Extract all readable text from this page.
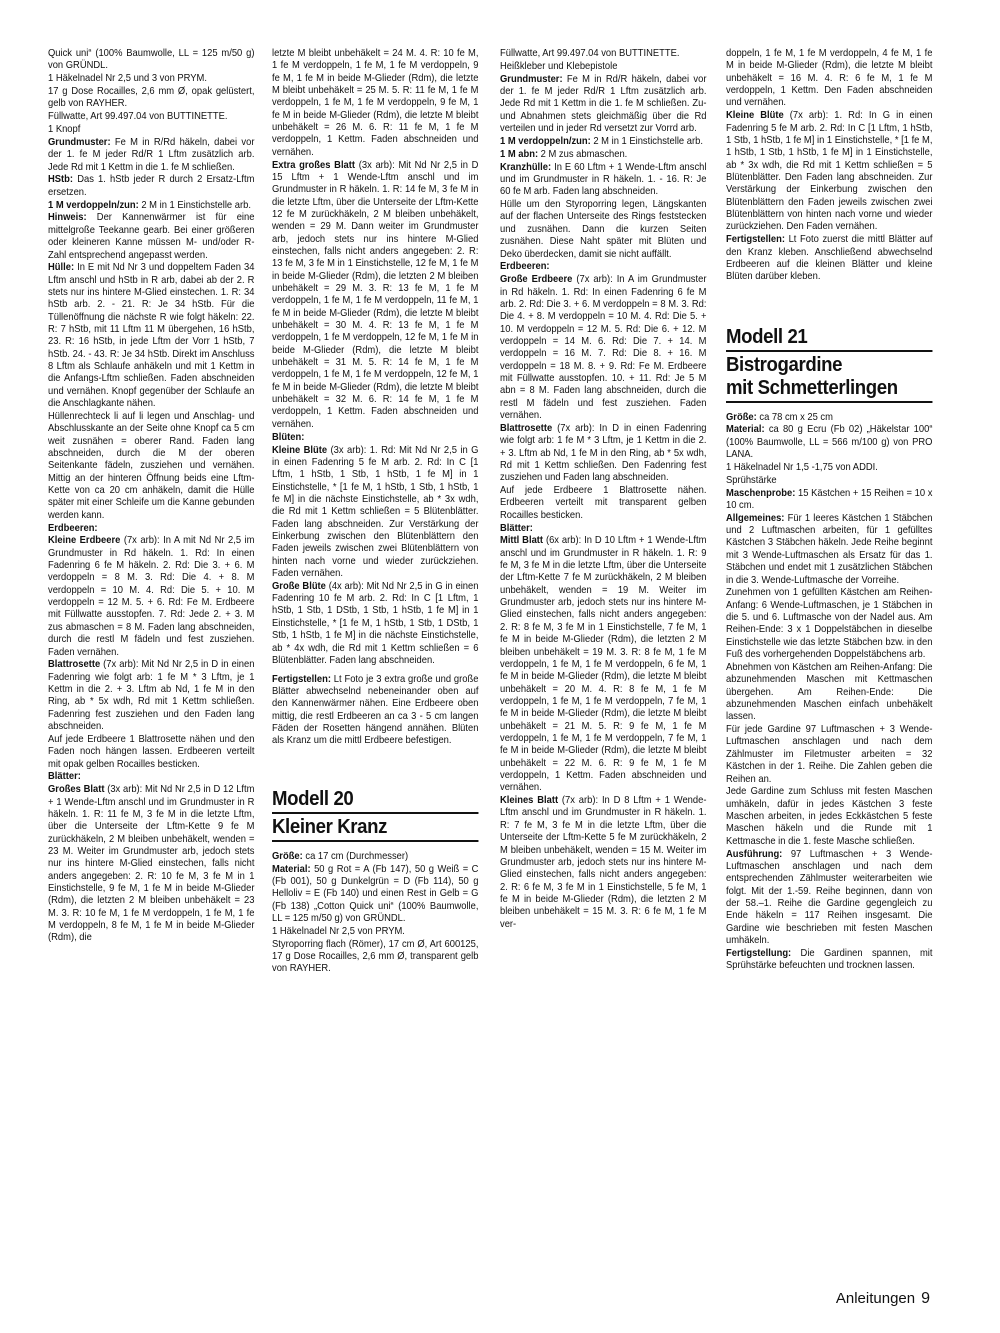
Quick uni“ (100% Baumwolle, LL = 125 m/50 g) von GRÜNDL.

1 Häkelnadel Nr 2,5 und 3 von PRYM.

17 g Dose Rocailles, 2,6 mm Ø, opak gelüstert, gelb von RAYHER.

Füllwatte, Art 99.497.04 von BUTTINETTE.

1 Knopf

Grundmuster: Fe M in R/Rd häkeln, dabei vor der 1. fe M jeder Rd/R 1 Lftm zusätzlich arb. Jede Rd mit 1 Kettm in die 1. fe M schließen.

HStb: Das 1. hStb jeder R durch 2 Ersatz-Lftm ersetzen.

1 M verdoppeln/zun: 2 M in 1 Einstichstelle arb.

Hinweis: Der Kannenwärmer ist für eine mittelgroße Teekanne gearb. Bei einer größeren oder kleineren Kanne müssen M- und/oder R-Zahl entsprechend angepasst werden.

Hülle: In E mit Nd Nr 3 und doppeltem Faden 34 Lftm anschl und hStb in R arb, dabei ab der 2. R stets nur ins hintere M-Glied einstechen. 1. R: 34 hStb arb. 2. - 21. R: Je 34 hStb. Für die Tüllenöffnung die nächste R wie folgt häkeln: 22. R: 7 hStb, mit 11 Lftm 11 M übergehen, 16 hStb, 23. R: 16 hStb, in jede Lftm der Vorr 1 hStb, 7 hStb. 24. - 43. R: Je 34 hStb. Direkt im Anschluss 8 Lftm als Schlaufe anhäkeln und mit 1 Kettm in die Anfangs-Lftm schließen. Faden abschneiden und vernähen. Knopf gegenüber der Schlaufe an die Anschlagkante nähen.

Hüllenrechteck li auf li legen und Anschlag- und Abschlusskante an der Seite ohne Knopf ca 5 cm weit zusnähen = oberer Rand. Faden lang abschneiden, durch die M der oberen Seitenkante fädeln, zusziehen und vernähen. Mittig an der hinteren Öffnung beids eine Lftm-Kette von ca 20 cm anhäkeln, damit die Hülle später mit einer Schleife um die Kanne gebunden werden kann.

Erdbeeren:

Kleine Erdbeere (7x arb): In A mit Nd Nr 2,5 im Grundmuster in Rd häkeln. 1. Rd: In einen Fadenring 6 fe M häkeln. 2. Rd: Die 3. + 6. M verdoppeln = 8 M. 3. Rd: Die 4. + 8. M verdoppeln = 10 M. 4. Rd: Die 5. + 10. M verdoppeln = 12 M. 5. + 6. Rd: Fe M. Erdbeere mit Füllwatte ausstopfen. 7. Rd: Jede 2. + 3. M zus abmaschen = 8 M. Faden lang abschneiden, durch die restl M fädeln und fest zusziehen. Faden vernähen.

Blattrosette (7x arb): Mit Nd Nr 2,5 in D in einen Fadenring wie folgt arb: 1 fe M * 3 Lftm, je 1 Kettm in die 2. + 3. Lftm ab Nd, 1 fe M in den Ring, ab * 5x wdh, Rd mit 1 Kettm schließen. Fadenring fest zusziehen und den Faden lang abschneiden.

Auf jede Erdbeere 1 Blattrosette nähen und den Faden noch hängen lassen. Erdbeeren verteilt mit opak gelben Rocailles besticken.

Blätter:

Großes Blatt (3x arb): Mit Nd Nr 2,5 in D 12 Lftm + 1 Wende-Lftm anschl und im Grundmuster in R häkeln. 1. R: 11 fe M, 3 fe M in die letzte Lftm, über die Unterseite der Lftm-Kette 9 fe M zurückhäkeln, 2 M bleiben unbehäkelt, wenden = 23 M. Weiter im Grundmuster arb, jedoch stets nur ins hintere M-Glied einstechen, falls nicht anders angegeben: 2. R: 10 fe M, 3 fe M in 1 Einstichstelle, 9 fe M, 1 fe M in beide M-Glieder (Rdm), die letzten 2 M bleiben unbehäkelt = 23 M. 3. R: 10 fe M, 1 fe M verdoppeln, 1 fe M, 1 fe M verdoppeln, 8 fe M, 1 fe M in beide M-Glieder (Rdm), die

letzte M bleibt unbehäkelt = 24 M. 4. R: 10 fe M, 1 fe M verdoppeln, 1 fe M, 1 fe M verdoppeln, 9 fe M, 1 fe M in beide M-Glieder (Rdm), die letzte M bleibt unbehäkelt = 25 M. 5. R: 11 fe M, 1 fe M verdoppeln, 1 fe M, 1 fe M verdoppeln, 9 fe M, 1 fe M in beide M-Glieder (Rdm), die letzte M bleibt unbehäkelt = 26 M. 6. R: 11 fe M, 1 fe M verdoppeln, 1 Kettm. Faden abschneiden und vernähen.

Extra großes Blatt (3x arb): Mit Nd Nr 2,5 in D 15 Lftm + 1 Wende-Lftm anschl und im Grundmuster in R häkeln. 1. R: 14 fe M, 3 fe M in die letzte Lftm, über die Unterseite der Lftm-Kette 12 fe M zurückhäkeln, 2 M bleiben unbehäkelt, wenden = 29 M. Dann weiter im Grundmuster arb, jedoch stets nur ins hintere M-Glied einstechen, falls nicht anders angegeben: 2. R: 13 fe M, 3 fe M in 1 Einstichstelle, 12 fe M, 1 fe M in beide M-Glieder (Rdm), die letzten 2 M bleiben unbehäkelt = 29 M. 3. R: 13 fe M, 1 fe M verdoppeln, 1 fe M, 1 fe M verdoppeln, 11 fe M, 1 fe M in beide M-Glieder (Rdm), die letzte M bleibt unbehäkelt = 30 M. 4. R: 13 fe M, 1 fe M verdoppeln, 1 fe M verdoppeln, 12 fe M, 1 fe M in beide M-Glieder (Rdm), die letzte M bleibt unbehäkelt = 31 M. 5. R: 14 fe M, 1 fe M verdoppeln, 1 fe M, 1 fe M verdoppeln, 12 fe M, 1 fe M in beide M-Glieder (Rdm), die letzte M bleibt unbehäkelt = 32 M. 6. R: 14 fe M, 1 fe M verdoppeln, 1 Kettm. Faden abschneiden und vernähen.

Blüten:

Kleine Blüte (3x arb): 1. Rd: Mit Nd Nr 2,5 in G in einen Fadenring 5 fe M arb. 2. Rd: In C [1 Lftm, 1 hStb, 1 Stb, 1 hStb, 1 fe M] in 1 Einstichstelle, * [1 fe M, 1 hStb, 1 Stb, 1 hStb, 1 fe M] in die nächste Einstichstelle, ab * 3x wdh, die Rd mit 1 Kettm schließen = 5 Blütenblätter. Faden lang abschneiden. Zur Verstärkung der Einkerbung zwischen den Blütenblättern den Faden jeweils zwischen zwei Blütenblättern von hinten nach vorne und wieder zurückziehen. Faden vernähen.

Große Blüte (4x arb): Mit Nd Nr 2,5 in G in einen Fadenring 10 fe M arb. 2. Rd: In C [1 Lftm, 1 hStb, 1 Stb, 1 DStb, 1 Stb, 1 hStb, 1 fe M] in 1 Einstichstelle, * [1 fe M, 1 hStb, 1 Stb, 1 DStb, 1 Stb, 1 hStb, 1 fe M] in die nächste Einstichstelle, ab * 4x wdh, die Rd mit 1 Kettm schließen = 6 Blütenblätter. Faden lang abschneiden.

Fertigstellen: Lt Foto je 3 extra große und große Blätter abwechselnd nebeneinander oben auf den Kannenwärmer nähen. Eine Erdbeere oben mittig, die restl Erdbeeren an ca 3 - 5 cm langen Fäden der Rosetten hängend annähen. Blüten als Kranz um die mittl Erdbeere befestigen.

Modell 20
Kleiner Kranz

Größe: ca 17 cm (Durchmesser)

Material: 50 g Rot = A (Fb 147), 50 g Weiß = C (Fb 001), 50 g Dunkelgrün = D (Fb 114), 50 g Helloliv = E (Fb 140) und einen Rest in Gelb = G (Fb 138) „Cotton Quick uni“ (100% Baumwolle, LL = 125 m/50 g) von GRÜNDL.

1 Häkelnadel Nr 2,5 von PRYM.

Styroporring flach (Römer), 17 cm Ø, Art 600125, 17 g Dose Rocailles, 2,6 mm Ø, transparent gelb von RAYHER.

Füllwatte, Art 99.497.04 von BUTTINETTE.

Heißkleber und Klebepistole

Grundmuster: Fe M in Rd/R häkeln, dabei vor der 1. fe M jeder Rd/R 1 Lftm zusätzlich arb. Jede Rd mit 1 Kettm in die 1. fe M schließen. Zu- und Abnahmen stets gleichmäßig über die Rd verteilen und in jeder Rd versetzt zur Vorrd arb.

1 M verdoppeln/zun: 2 M in 1 Einstichstelle arb.

1 M abn: 2 M zus abmaschen.

Kranzhülle: In E 60 Lftm + 1 Wende-Lftm anschl und im Grundmuster in R häkeln. 1. - 16. R: Je 60 fe M arb. Faden lang abschneiden.

Hülle um den Styroporring legen, Längskanten auf der flachen Unterseite des Rings feststecken und zusnähen. Dann die kurzen Seiten zusnähen. Diese Naht später mit Blüten und Deko überdecken, damit sie nicht auffällt.

Erdbeeren:

Große Erdbeere (7x arb): In A im Grundmuster in Rd häkeln. 1. Rd: In einen Fadenring 6 fe M arb. 2. Rd: Die 3. + 6. M verdoppeln = 8 M. 3. Rd: Die 4. + 8. M verdoppeln = 10 M. 4. Rd: Die 5. + 10. M verdoppeln = 12 M. 5. Rd: Die 6. + 12. M verdoppeln = 14 M. 6. Rd: Die 7. + 14. M verdoppeln = 16 M. 7. Rd: Die 8. + 16. M verdoppeln = 18 M. 8. + 9. Rd: Fe M. Erdbeere mit Füllwatte ausstopfen. 10. + 11. Rd: Je 5 M abn = 8 M. Faden lang abschneiden, durch die restl M fädeln und fest zusziehen. Faden vernähen.

Blattrosette (7x arb): In D in einen Fadenring wie folgt arb: 1 fe M * 3 Lftm, je 1 Kettm in die 2. + 3. Lftm ab Nd, 1 fe M in den Ring, ab * 5x wdh, Rd mit 1 Kettm schließen. Den Fadenring fest zusziehen und Faden lang abschneiden.

Auf jede Erdbeere 1 Blattrosette nähen. Erdbeeren verteilt mit transparent gelben Rocailles besticken.

Blätter:

Mittl Blatt (6x arb): In D 10 Lftm + 1 Wende-Lftm anschl und im Grundmuster in R häkeln. 1. R: 9 fe M, 3 fe M in die letzte Lftm, über die Unterseite der Lftm-Kette 7 fe M zurückhäkeln, 2 M bleiben unbehäkelt, wenden = 19 M. Weiter im Grundmuster arb, jedoch stets nur ins hintere M-Glied einstechen, falls nicht anders angegeben: 2. R: 8 fe M, 3 fe M in 1 Einstichstelle, 7 fe M, 1 fe M in beide M-Glieder (Rdm), die letzten 2 M bleiben unbehäkelt = 19 M. 3. R: 8 fe M, 1 fe M verdoppeln, 1 fe M, 1 fe M verdoppeln, 6 fe M, 1 fe M in beide M-Glieder (Rdm), die letzte M bleibt unbehäkelt = 20 M. 4. R: 8 fe M, 1 fe M verdoppeln, 1 fe M, 1 fe M verdoppeln, 7 fe M, 1 fe M in beide M-Glieder (Rdm), die letzte M bleibt unbehäkelt = 21 M. 5. R: 9 fe M, 1 fe M verdoppeln, 1 fe M, 1 fe M verdoppeln, 7 fe M, 1 fe M in beide M-Glieder (Rdm), die letzte M bleibt unbehäkelt = 22 M. 6. R: 9 fe M, 1 fe M verdoppeln, 1 Kettm. Faden abschneiden und vernähen.

Kleines Blatt (7x arb): In D 8 Lftm + 1 Wende-Lftm anschl und im Grundmuster in R häkeln. 1. R: 7 fe M, 3 fe M in die letzte Lftm, über die Unterseite der Lftm-Kette 5 fe M zurückhäkeln, 2 M bleiben unbehäkelt, wenden = 15 M. Weiter im Grundmuster arb, jedoch stets nur ins hintere M-Glied einstechen, falls nicht anders angegeben: 2. R: 6 fe M, 3 fe M in 1 Einstichstelle, 5 fe M, 1 fe M in beide M-Glieder (Rdm), die letzten 2 M bleiben unbehäkelt = 15 M. 3. R: 6 fe M, 1 fe M ver-

doppeln, 1 fe M, 1 fe M verdoppeln, 4 fe M, 1 fe M in beide M-Glieder (Rdm), die letzte M bleibt unbehäkelt = 16 M. 4. R: 6 fe M, 1 fe M verdoppeln, 1 Kettm. Den Faden abschneiden und vernähen.

Kleine Blüte (7x arb): 1. Rd: In G in einen Fadenring 5 fe M arb. 2. Rd: In C [1 Lftm, 1 hStb, 1 Stb, 1 hStb, 1 fe M] in 1 Einstichstelle, * [1 fe M, 1 hStb, 1 Stb, 1 hStb, 1 fe M] in 1 Einstichstelle, ab * 3x wdh, die Rd mit 1 Kettm schließen = 5 Blütenblätter. Den Faden lang abschneiden. Zur Verstärkung der Einkerbung zwischen den Blütenblättern den Faden jeweils zwischen zwei Blütenblättern von hinten nach vorne und wieder zurückziehen. Den Faden vernähen.

Fertigstellen: Lt Foto zuerst die mittl Blätter auf den Kranz kleben. Anschließend abwechselnd Erdbeeren auf die kleinen Blätter und kleine Blüten darüber kleben.

Modell 21
Bistrogardine
mit Schmetterlingen

Größe: ca 78 cm x 25 cm

Material: ca 80 g Ecru (Fb 02) „Häkelstar 100“ (100% Baumwolle, LL = 566 m/100 g) von PRO LANA.

1 Häkelnadel Nr 1,5 -1,75 von ADDI.

Sprühstärke

Maschenprobe: 15 Kästchen + 15 Reihen = 10 x 10 cm.

Allgemeines: Für 1 leeres Kästchen 1 Stäbchen und 2 Luftmaschen arbeiten, für 1 gefülltes Kästchen 3 Stäbchen häkeln. Jede Reihe beginnt mit 3 Wende-Luftmaschen als Ersatz für das 1. Stäbchen und endet mit 1 zusätzlichen Stäbchen in die 3. Wende-Luftmasche der Vorreihe.

Zunehmen von 1 gefüllten Kästchen am Reihen-Anfang: 6 Wende-Luftmaschen, je 1 Stäbchen in die 5. und 6. Luftmasche von der Nadel aus. Am Reihen-Ende: 3 x 1 Doppelstäbchen in dieselbe Einstichstelle wie das letzte Stäbchen bzw. in den Fuß des vorhergehenden Doppelstäbchens arb.

Abnehmen von Kästchen am Reihen-Anfang: Die abzunehmenden Maschen mit Kettmaschen übergehen. Am Reihen-Ende: Die abzunehmenden Maschen einfach unbehäkelt lassen.

Für jede Gardine 97 Luftmaschen + 3 Wende-Luftmaschen anschlagen und nach dem Zählmuster im Filetmuster arbeiten = 32 Kästchen in der 1. Reihe. Die Zahlen geben die Reihen an.

Jede Gardine zum Schluss mit festen Maschen umhäkeln, dafür in jedes Kästchen 3 feste Maschen arbeiten, in jedes Eckkästchen 5 feste Maschen häkeln und die Runde mit 1 Kettmasche in die 1. feste Masche schließen.

Ausführung: 97 Luftmaschen + 3 Wende-Luftmaschen anschlagen und nach dem entsprechenden Zählmuster weiterarbeiten wie folgt. Mit der 1.-59. Reihe beginnen, dann von der 58.–1. Reihe die Gardine gegengleich zu Ende häkeln = 117 Reihen insgesamt. Die Gardine wie beschrieben mit festen Maschen umhäkeln.

Fertigstellung: Die Gardinen spannen, mit Sprühstärke befeuchten und trocknen lassen.

Anleitungen 9
